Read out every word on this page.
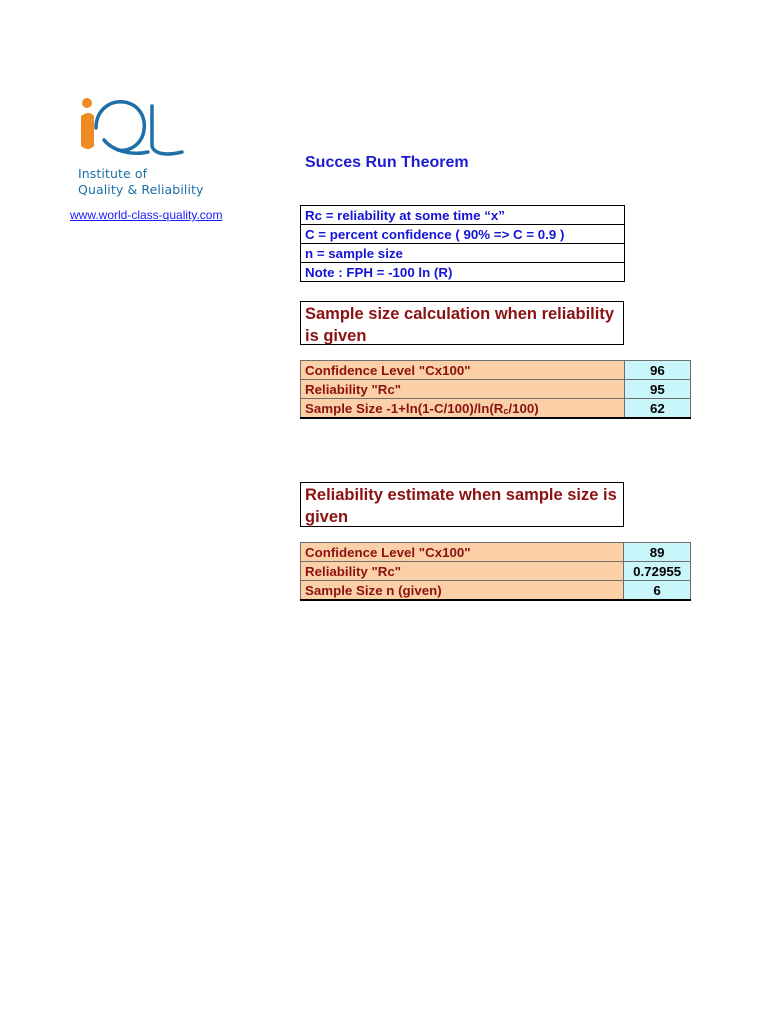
Institute of
Quality & Reliability
www.world-class-quality.com
Succes Run Theorem
Rc = reliability at some time “x”
C = percent confidence ( 90% => C = 0.9 )
n = sample size
Note : FPH = -100 ln (R)
Sample size calculation when reliability is given
Confidence Level "Cx100"	96
Reliability "Rc"	95
Sample Size $-1+\ln(1-C/100)/\ln(R_c/100)$	62
Reliability estimate when sample size is given
Confidence Level "Cx100"	89
Reliability "Rc"	0.72955
Sample Size n (given)	6
